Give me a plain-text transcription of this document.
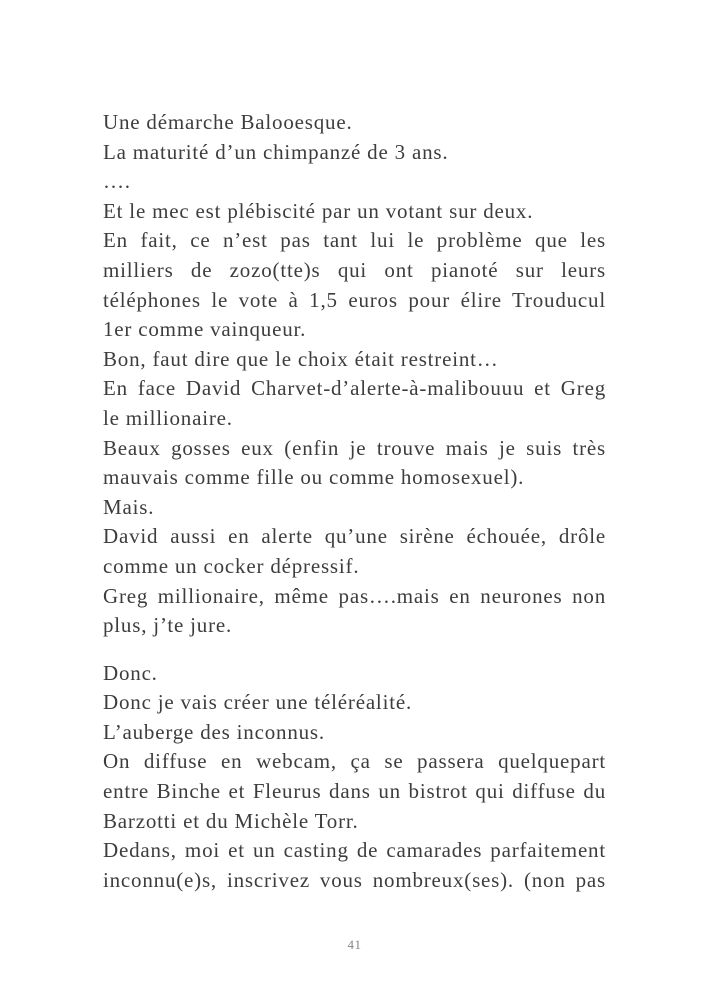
Une démarche Balooesque.
La maturité d’un chimpanzé de 3 ans.
….
Et le mec est plébiscité par un votant sur deux.
En fait, ce n’est pas tant lui le problème que les
milliers de zozo(tte)s qui ont pianoté sur leurs
téléphones le vote à 1,5 euros pour élire Trouducul
1er comme vainqueur.
Bon, faut dire que le choix était restreint…
En face David Charvet-d’alerte-à-malibouuu et Greg
le millionaire.
Beaux gosses eux (enfin je trouve mais je suis très
mauvais comme fille ou comme homosexuel).
Mais.
David aussi en alerte qu’une sirène échouée, drôle
comme un cocker dépressif.
Greg millionaire, même pas….mais en neurones non
plus, j’te jure.
Donc.
Donc je vais créer une téléréalité.
L’auberge des inconnus.
On diffuse en webcam, ça se passera quelquepart
entre Binche et Fleurus dans un bistrot qui diffuse du
Barzotti et du Michèle Torr.
Dedans, moi et un casting de camarades parfaitement
inconnu(e)s, inscrivez vous nombreux(ses). (non pas
41
